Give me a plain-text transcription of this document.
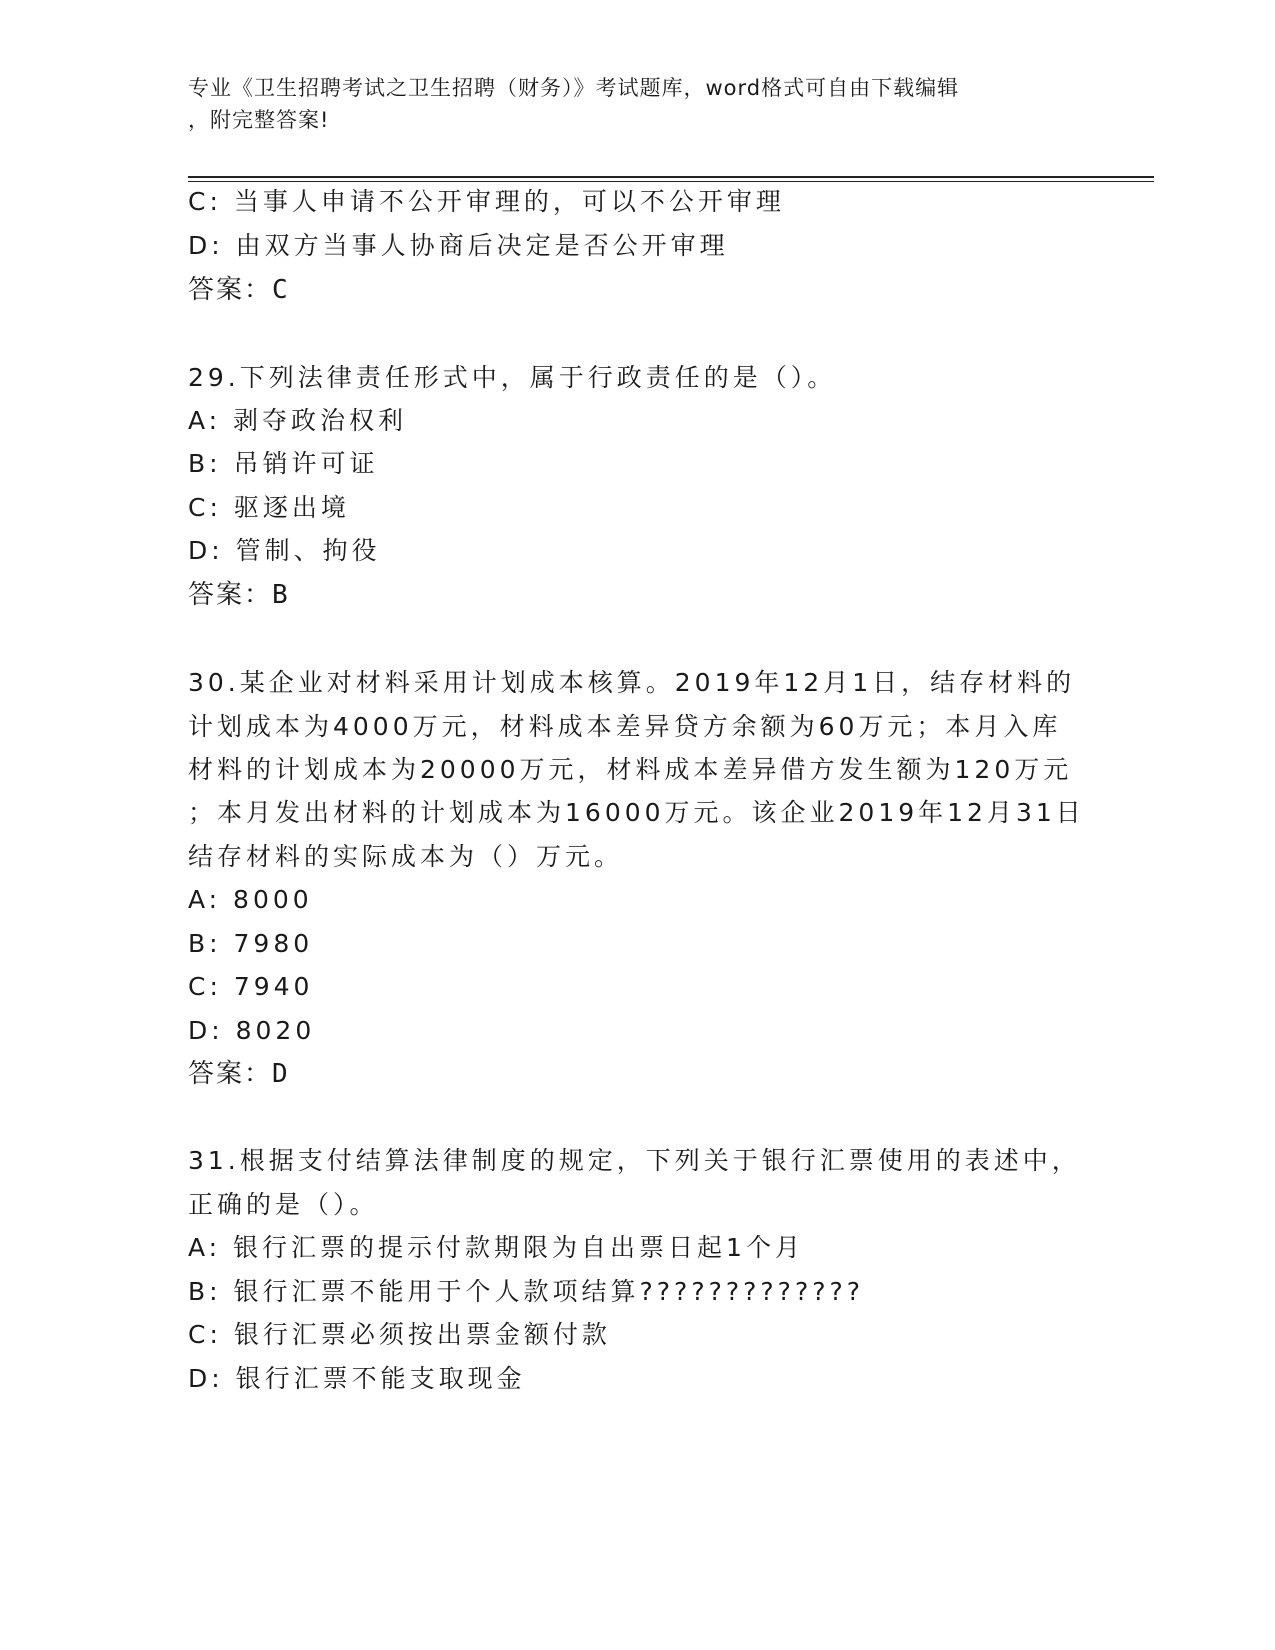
专业《卫生招聘考试之卫生招聘（财务）》考试题库，word格式可自由下载编辑
，附完整答案!
C: 当事人申请不公开审理的，可以不公开审理
D: 由双方当事人协商后决定是否公开审理
答案：C
29.下列法律责任形式中，属于行政责任的是（）。
A: 剥夺政治权利
B: 吊销许可证
C: 驱逐出境
D: 管制、拘役
答案：B
30.某企业对材料采用计划成本核算。2019年12月1日，结存材料的
计划成本为4000万元，材料成本差异贷方余额为60万元；本月入库
材料的计划成本为20000万元，材料成本差异借方发生额为120万元
；本月发出材料的计划成本为16000万元。该企业2019年12月31日
结存材料的实际成本为（）万元。
A: 8000
B: 7980
C: 7940
D: 8020
答案：D
31.根据支付结算法律制度的规定，下列关于银行汇票使用的表述中，
正确的是（）。
A: 银行汇票的提示付款期限为自出票日起1个月
B: 银行汇票不能用于个人款项结算?????????????
C: 银行汇票必须按出票金额付款
D: 银行汇票不能支取现金
